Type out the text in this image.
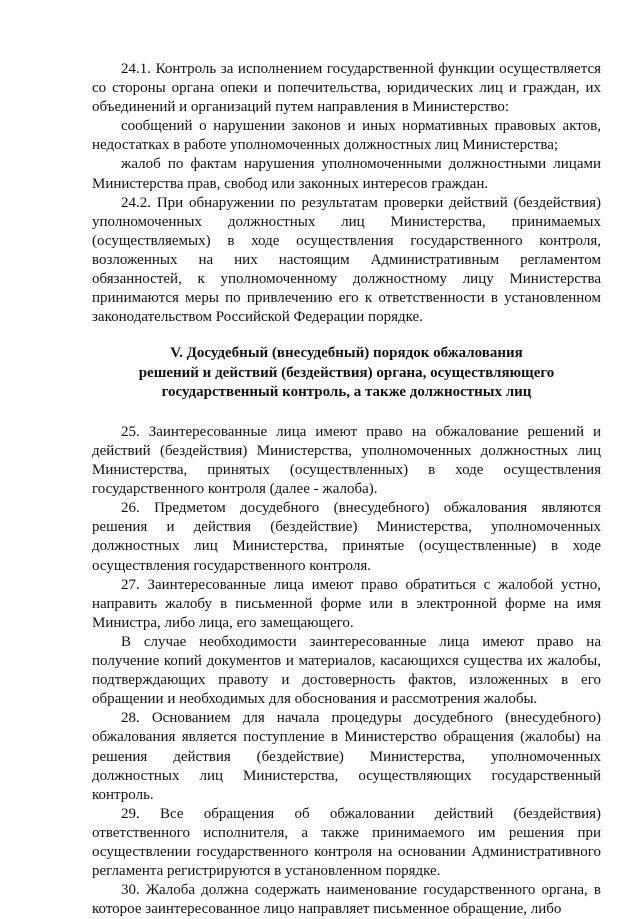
24.1. Контроль за исполнением государственной функции осуществляется со стороны органа опеки и попечительства, юридических лиц и граждан, их объединений и организаций путем направления в Министерство:

сообщений о нарушении законов и иных нормативных правовых актов, недостатках в работе уполномоченных должностных лиц Министерства;

жалоб по фактам нарушения уполномоченными должностными лицами Министерства прав, свобод или законных интересов граждан.

24.2. При обнаружении по результатам проверки действий (бездействия) уполномоченных должностных лиц Министерства, принимаемых (осуществляемых) в ходе осуществления государственного контроля, возложенных на них настоящим Административным регламентом обязанностей, к уполномоченному должностному лицу Министерства принимаются меры по привлечению его к ответственности в установленном законодательством Российской Федерации порядке.

V. Досудебный (внесудебный) порядок обжалования
решений и действий (бездействия) органа, осуществляющего
государственный контроль, а также должностных лиц

25. Заинтересованные лица имеют право на обжалование решений и действий (бездействия) Министерства, уполномоченных должностных лиц Министерства, принятых (осуществленных) в ходе осуществления государственного контроля (далее - жалоба).

26. Предметом досудебного (внесудебного) обжалования являются решения и действия (бездействие) Министерства, уполномоченных должностных лиц Министерства, принятые (осуществленные) в ходе осуществления государственного контроля.

27. Заинтересованные лица имеют право обратиться с жалобой устно, направить жалобу в письменной форме или в электронной форме на имя Министра, либо лица, его замещающего.

В случае необходимости заинтересованные лица имеют право на получение копий документов и материалов, касающихся существа их жалобы, подтверждающих правоту и достоверность фактов, изложенных в его обращении и необходимых для обоснования и рассмотрения жалобы.

28. Основанием для начала процедуры досудебного (внесудебного) обжалования является поступление в Министерство обращения (жалобы) на решения действия (бездействие) Министерства, уполномоченных должностных лиц Министерства, осуществляющих государственный контроль.

29. Все обращения об обжаловании действий (бездействия) ответственного исполнителя, а также принимаемого им решения при осуществлении государственного контроля на основании Административного регламента регистрируются в установленном порядке.

30. Жалоба должна содержать наименование государственного органа, в которое заинтересованное лицо направляет письменное обращение, либо
